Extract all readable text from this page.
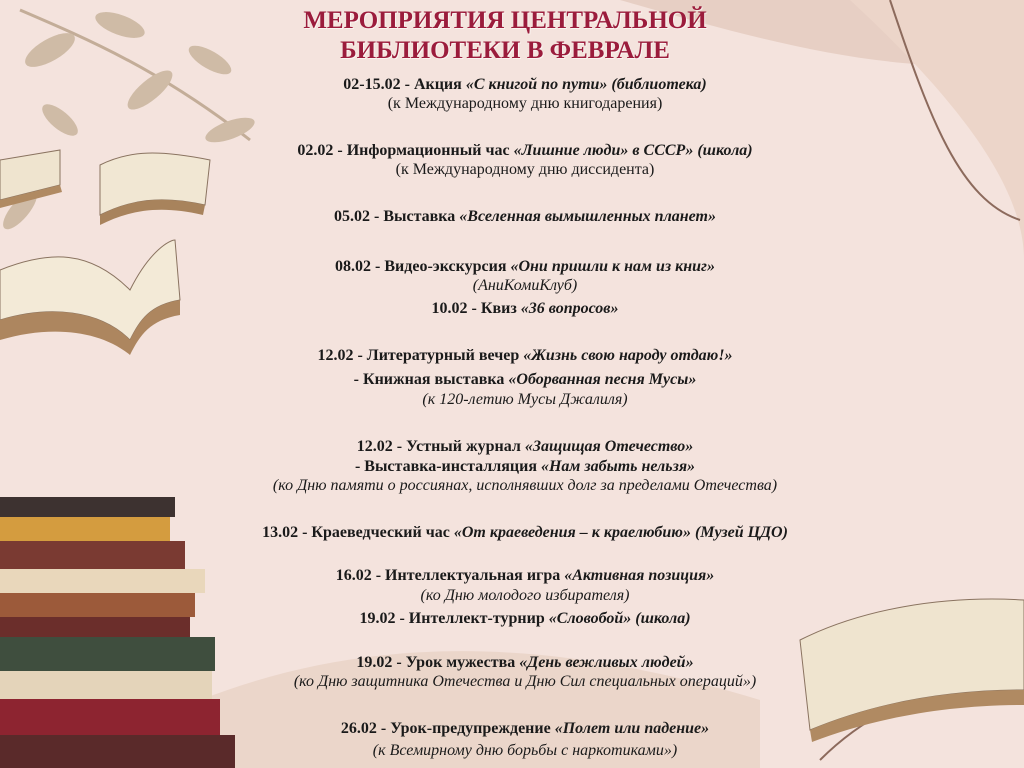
МЕРОПРИЯТИЯ ЦЕНТРАЛЬНОЙ
БИБЛИОТЕКИ В ФЕВРАЛЕ
02-15.02 - Акция «С книгой по пути» (библиотека)
(к Международному дню книгодарения)
02.02 - Информационный час «Лишние люди» в СССР» (школа)
(к Международному дню диссидента)
05.02 - Выставка «Вселенная вымышленных планет»
08.02 - Видео-экскурсия «Они пришли к нам из книг»
(АниКомиКлуб)
10.02 - Квиз «36 вопросов»
12.02 - Литературный вечер «Жизнь свою народу отдаю!»
- Книжная выставка «Оборванная песня Мусы»
(к 120-летию Мусы Джалиля)
12.02 - Устный журнал «Защищая Отечество»
- Выставка-инсталляция «Нам забыть нельзя»
(ко Дню памяти о россиянах, исполнявших долг за пределами Отечества)
13.02 - Краеведческий час «От краеведения – к краелюбию» (Музей ЦДО)
16.02 - Интеллектуальная игра «Активная позиция»
(ко Дню молодого избирателя)
19.02 - Интеллект-турнир «Словобой» (школа)
19.02 - Урок мужества «День вежливых людей»
(ко Дню защитника Отечества и Дню Сил специальных операций»)
26.02 - Урок-предупреждение «Полет или падение»
(к Всемирному дню борьбы с наркотиками»)
